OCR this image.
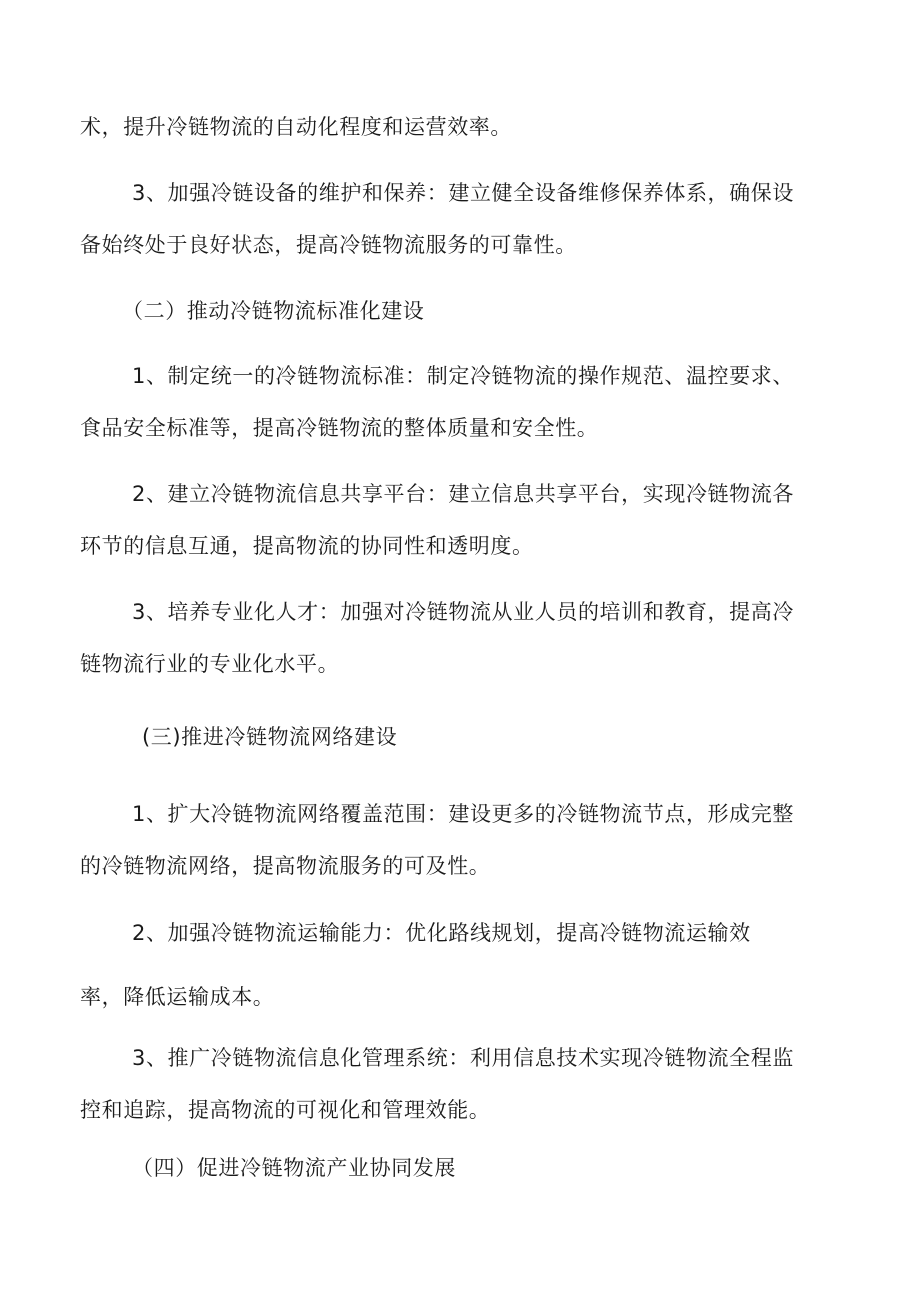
术，提升冷链物流的自动化程度和运营效率。

3、加强冷链设备的维护和保养：建立健全设备维修保养体系，确保设

备始终处于良好状态，提高冷链物流服务的可靠性。

（二）推动冷链物流标准化建设

1、制定统一的冷链物流标准：制定冷链物流的操作规范、温控要求、

食品安全标准等，提高冷链物流的整体质量和安全性。

2、建立冷链物流信息共享平台：建立信息共享平台，实现冷链物流各

环节的信息互通，提高物流的协同性和透明度。

3、培养专业化人才：加强对冷链物流从业人员的培训和教育，提高冷

链物流行业的专业化水平。

(三)推进冷链物流网络建设

1、扩大冷链物流网络覆盖范围：建设更多的冷链物流节点，形成完整

的冷链物流网络，提高物流服务的可及性。

2、加强冷链物流运输能力：优化路线规划，提高冷链物流运输效

率，降低运输成本。

3、推广冷链物流信息化管理系统：利用信息技术实现冷链物流全程监

控和追踪，提高物流的可视化和管理效能。

（四）促进冷链物流产业协同发展
